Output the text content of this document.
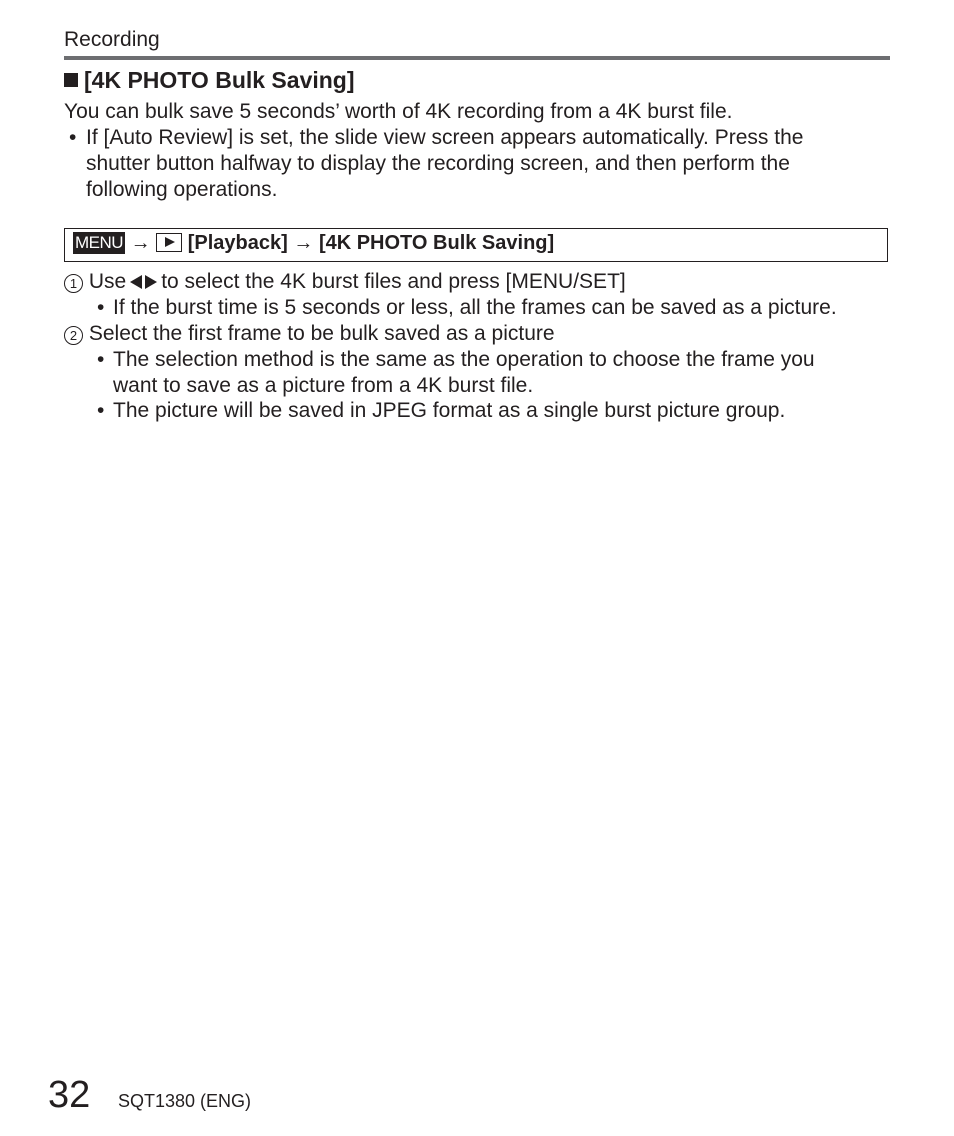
Recording
[4K PHOTO Bulk Saving]
You can bulk save 5 seconds’ worth of 4K recording from a 4K burst file.
• If [Auto Review] is set, the slide view screen appears automatically. Press the
shutter button halfway to display the recording screen, and then perform the
following operations.
MENU → [Playback] → [4K PHOTO Bulk Saving]
1 Use to select the 4K burst files and press [MENU/SET]
• If the burst time is 5 seconds or less, all the frames can be saved as a picture.
2 Select the first frame to be bulk saved as a picture
• The selection method is the same as the operation to choose the frame you
want to save as a picture from a 4K burst file.
• The picture will be saved in JPEG format as a single burst picture group.
32 SQT1380 (ENG)
